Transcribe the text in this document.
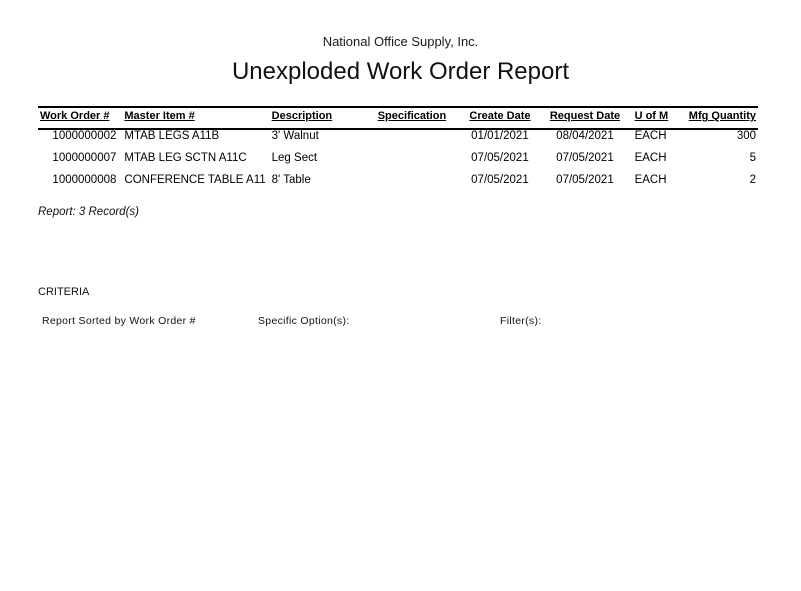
National Office Supply, Inc.
Unexploded Work Order Report
Work Order #	Master Item #	Description	Specification	Create Date	Request Date	U of M	Mfg Quantity
1000000002	MTAB LEGS A11B	3' Walnut		01/01/2021	08/04/2021	EACH	300
1000000007	MTAB LEG SCTN A11C	Leg Sect		07/05/2021	07/05/2021	EACH	5
1000000008	CONFERENCE TABLE A11	8' Table		07/05/2021	07/05/2021	EACH	2
Report: 3 Record(s)
CRITERIA
Report Sorted by Work Order #	Specific Option(s):	Filter(s):
